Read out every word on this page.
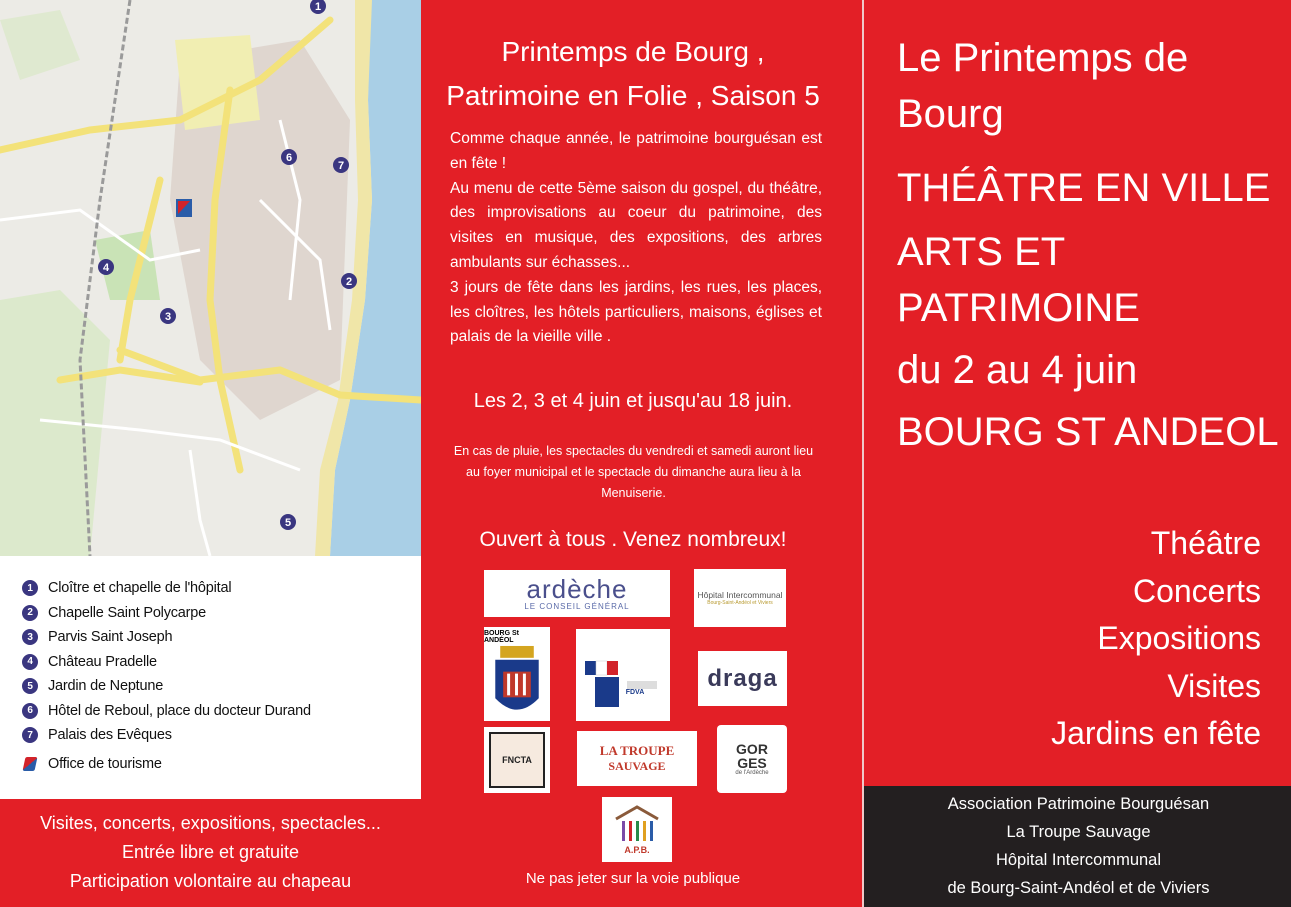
1
2
3
4
5
6
7
1	Cloître et chapelle de l'hôpital
2	Chapelle Saint Polycarpe
3	Parvis Saint Joseph
4	Château Pradelle
5	Jardin de Neptune
6	Hôtel de Reboul, place du docteur Durand
7	Palais des Evêques
Office de tourisme
Visites, concerts, expositions, spectacles...
Entrée libre et gratuite
Participation volontaire au chapeau
Printemps de Bourg ,
Patrimoine en Folie , Saison 5
Comme chaque année, le patrimoine bourguésan est en fête !
Au menu de cette 5ème saison du gospel, du théâtre, des improvisations au coeur du patrimoine, des visites en musique, des expositions, des arbres ambulants sur échasses...
3 jours de fête dans les jardins, les rues, les places, les cloîtres, les hôtels particuliers, maisons, églises et palais de la vieille ville .
Les 2, 3 et 4 juin et jusqu'au 18 juin.
En cas de pluie, les spectacles du vendredi et samedi auront lieu au foyer municipal et le spectacle du dimanche aura lieu à la Menuiserie.
Ouvert à tous . Venez nombreux!
ardèche
LE CONSEIL GÉNÉRAL
Hôpital Intercommunal
Bourg-Saint-Andéol et Viviers
BOURG St ANDÉOL
FDVA
draga
FNCTA
LA TROUPE
SAUVAGE
GOR
GES
de l'Ardèche
A.P.B.
Ne pas jeter sur la voie publique
Le Printemps de Bourg
THÉÂTRE EN VILLE
ARTS ET PATRIMOINE
du 2 au 4 juin
BOURG ST ANDEOL
Théâtre
Concerts
Expositions
Visites
Jardins en fête
Association Patrimoine Bourguésan
La Troupe Sauvage
Hôpital Intercommunal
de Bourg-Saint-Andéol et de Viviers
